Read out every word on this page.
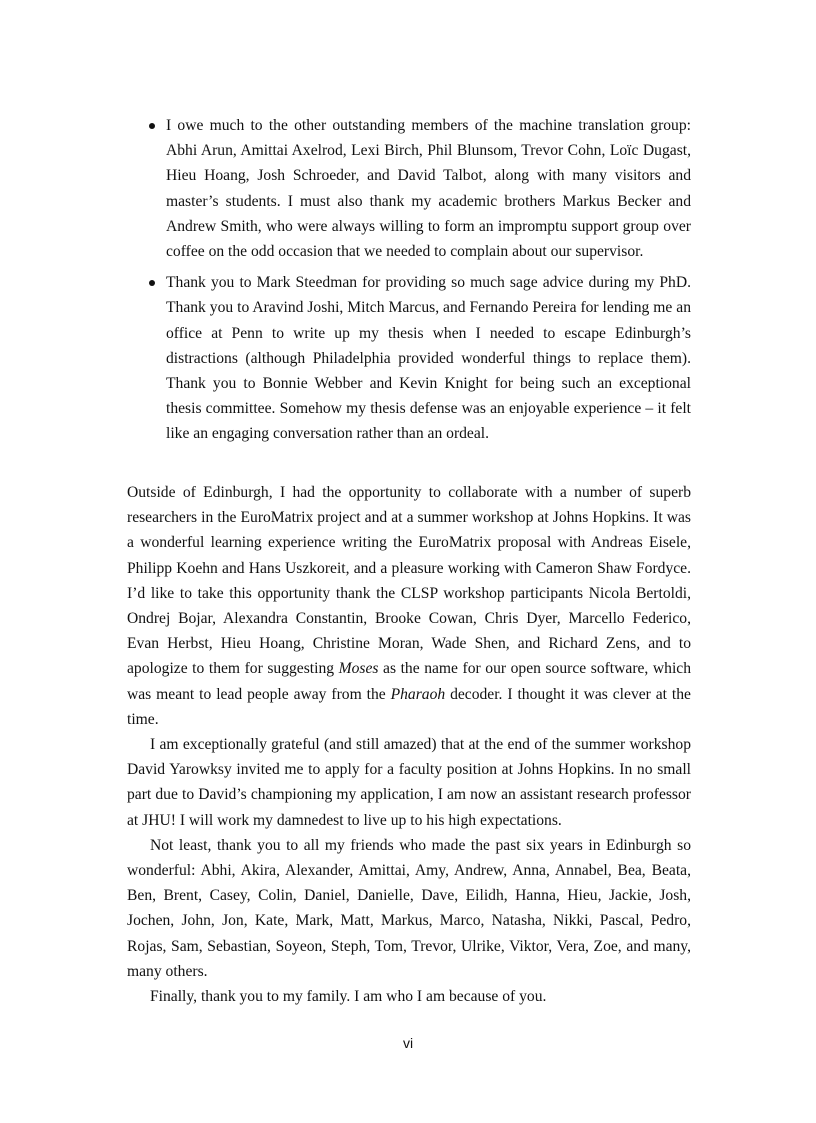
I owe much to the other outstanding members of the machine translation group: Abhi Arun, Amittai Axelrod, Lexi Birch, Phil Blunsom, Trevor Cohn, Loïc Dugast, Hieu Hoang, Josh Schroeder, and David Talbot, along with many visitors and master’s students. I must also thank my academic brothers Markus Becker and Andrew Smith, who were always willing to form an impromptu support group over coffee on the odd occasion that we needed to complain about our supervisor.
Thank you to Mark Steedman for providing so much sage advice during my PhD. Thank you to Aravind Joshi, Mitch Marcus, and Fernando Pereira for lending me an office at Penn to write up my thesis when I needed to escape Edinburgh’s distractions (although Philadelphia provided wonderful things to replace them). Thank you to Bonnie Webber and Kevin Knight for being such an exceptional thesis committee. Somehow my thesis defense was an enjoyable experience – it felt like an engaging conversation rather than an ordeal.

Outside of Edinburgh, I had the opportunity to collaborate with a number of superb researchers in the EuroMatrix project and at a summer workshop at Johns Hopkins. It was a wonderful learning experience writing the EuroMatrix proposal with Andreas Eisele, Philipp Koehn and Hans Uszkoreit, and a pleasure working with Cameron Shaw Fordyce. I’d like to take this opportunity thank the CLSP workshop participants Nicola Bertoldi, Ondrej Bojar, Alexandra Constantin, Brooke Cowan, Chris Dyer, Marcello Federico, Evan Herbst, Hieu Hoang, Christine Moran, Wade Shen, and Richard Zens, and to apologize to them for suggesting Moses as the name for our open source software, which was meant to lead people away from the Pharaoh decoder. I thought it was clever at the time.

I am exceptionally grateful (and still amazed) that at the end of the summer workshop David Yarowksy invited me to apply for a faculty position at Johns Hopkins. In no small part due to David’s championing my application, I am now an assistant research professor at JHU! I will work my damnedest to live up to his high expectations.

Not least, thank you to all my friends who made the past six years in Edinburgh so wonderful: Abhi, Akira, Alexander, Amittai, Amy, Andrew, Anna, Annabel, Bea, Beata, Ben, Brent, Casey, Colin, Daniel, Danielle, Dave, Eilidh, Hanna, Hieu, Jackie, Josh, Jochen, John, Jon, Kate, Mark, Matt, Markus, Marco, Natasha, Nikki, Pascal, Pedro, Rojas, Sam, Sebastian, Soyeon, Steph, Tom, Trevor, Ulrike, Viktor, Vera, Zoe, and many, many others.

Finally, thank you to my family. I am who I am because of you.

vi
